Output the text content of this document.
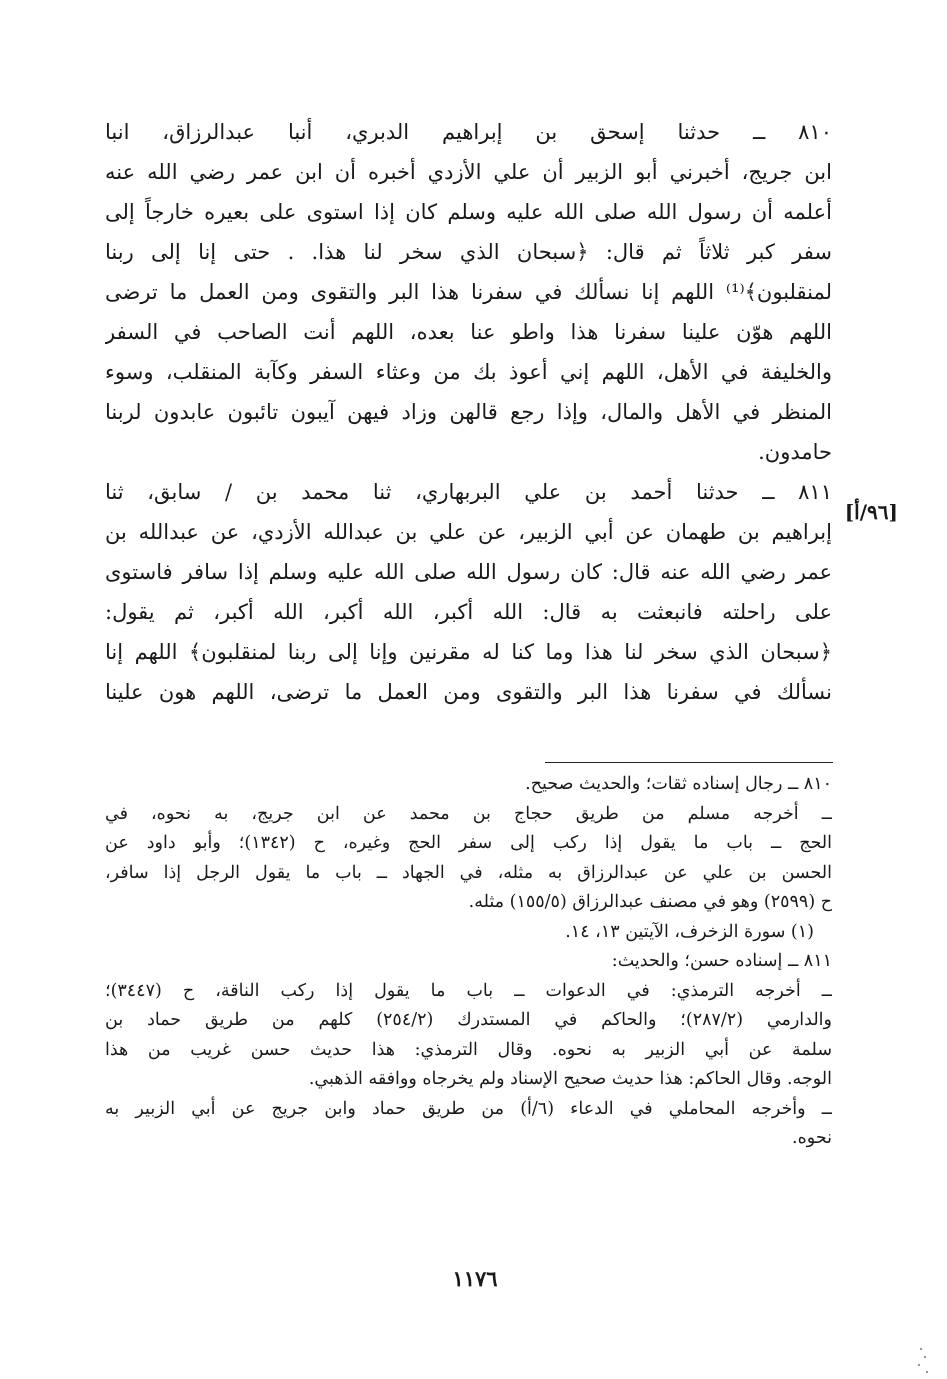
٨١٠ ــ حدثنا إسحق بن إبراهيم الدبري، أنبا عبدالرزاق، انبا
ابن جريج، أخبرني أبو الزبير أن علي الأزدي أخبره أن ابن عمر رضي الله عنه
أعلمه أن رسول الله صلى الله عليه وسلم كان إذا استوى على بعيره خارجاً إلى
سفر كبر ثلاثاً ثم قال: ﴿سبحان الذي سخر لنا هذا. . حتى إنا إلى ربنا
لمنقلبون﴾⁽¹⁾ اللهم إنا نسألك في سفرنا هذا البر والتقوى ومن العمل ما ترضى
اللهم هوّن علينا سفرنا هذا واطو عنا بعده، اللهم أنت الصاحب في السفر
والخليفة في الأهل، اللهم إني أعوذ بك من وعثاء السفر وكآبة المنقلب، وسوء
المنظر في الأهل والمال، وإذا رجع قالهن وزاد فيهن آيبون تائبون عابدون لربنا
حامدون.
٨١١ ــ حدثنا أحمد بن علي البربهاري، ثنا محمد بن / سابق، ثنا
إبراهيم بن طهمان عن أبي الزبير، عن علي بن عبدالله الأزدي، عن عبدالله بن
عمر رضي الله عنه قال: كان رسول الله صلى الله عليه وسلم إذا سافر فاستوى
على راحلته فانبعثت به قال: الله أكبر، الله أكبر، الله أكبر، ثم يقول:
﴿سبحان الذي سخر لنا هذا وما كنا له مقرنين وإنا إلى ربنا لمنقلبون﴾ اللهم إنا
نسألك في سفرنا هذا البر والتقوى ومن العمل ما ترضى، اللهم هون علينا
[٩٦/أ]
٨١٠ ــ رجال إسناده ثقات؛ والحديث صحيح.
ــ أخرجه مسلم من طريق حجاج بن محمد عن ابن جريج، به نحوه، في
الحج ــ باب ما يقول إذا ركب إلى سفر الحج وغيره، ح (١٣٤٢)؛ وأبو داود عن
الحسن بن علي عن عبدالرزاق به مثله، في الجهاد ــ باب ما يقول الرجل إذا سافر،
ح (٢٥٩٩) وهو في مصنف عبدالرزاق (١٥٥/٥) مثله.
(١) سورة الزخرف، الآيتين ١٣، ١٤.
٨١١ ــ إسناده حسن؛ والحديث:
ــ أخرجه الترمذي: في الدعوات ــ باب ما يقول إذا ركب الناقة، ح (٣٤٤٧)؛
والدارمي (٢٨٧/٢)؛ والحاكم في المستدرك (٢٥٤/٢) كلهم من طريق حماد بن
سلمة عن أبي الزبير به نحوه. وقال الترمذي: هذا حديث حسن غريب من هذا
الوجه. وقال الحاكم: هذا حديث صحيح الإسناد ولم يخرجاه ووافقه الذهبي.
ــ وأخرجه المحاملي في الدعاء (٦/أ) من طريق حماد وابن جريج عن أبي الزبير به
نحوه.
١١٧٦
